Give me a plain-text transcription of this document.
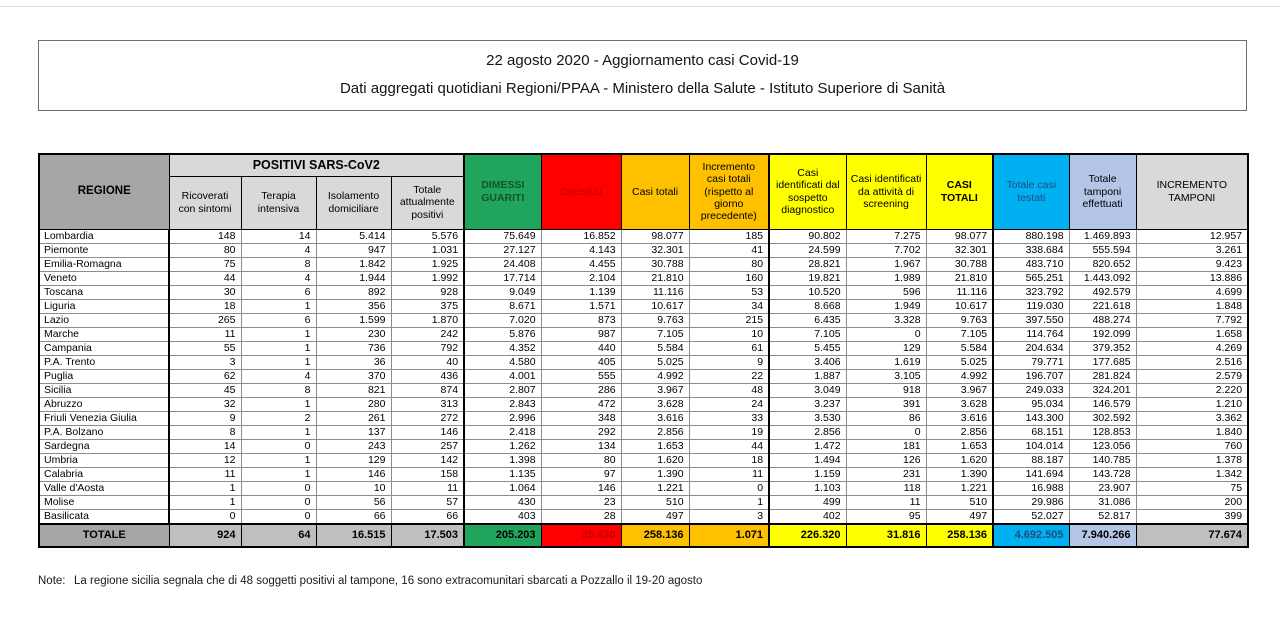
22 agosto 2020 - Aggiornamento casi Covid-19
Dati aggregati quotidiani Regioni/PPAA - Ministero della Salute - Istituto Superiore di Sanità
REGIONE	POSITIVI SARS-CoV2				DIMESSI GUARITI	Deceduti	Casi totali	Incremento casi totali (rispetto al giorno precedente)	Casi identificati dal sospetto diagnostico	Casi identificati da attività di screening	CASI TOTALI	Totale casi testati	Totale tamponi effettuati	INCREMENTO TAMPONI
	Ricoverati con sintomi	Terapia intensiva	Isolamento domiciliare	Totale attualmente positivi										
Lombardia	148	14	5.414	5.576	75.649	16.852	98.077	185	90.802	7.275	98.077	880.198	1.469.893	12.957
Piemonte	80	4	947	1.031	27.127	4.143	32.301	41	24.599	7.702	32.301	338.684	555.594	3.261
Emilia-Romagna	75	8	1.842	1.925	24.408	4.455	30.788	80	28.821	1.967	30.788	483.710	820.652	9.423
Veneto	44	4	1.944	1.992	17.714	2.104	21.810	160	19.821	1.989	21.810	565.251	1.443.092	13.886
Toscana	30	6	892	928	9.049	1.139	11.116	53	10.520	596	11.116	323.792	492.579	4.699
Liguria	18	1	356	375	8.671	1.571	10.617	34	8.668	1.949	10.617	119.030	221.618	1.848
Lazio	265	6	1.599	1.870	7.020	873	9.763	215	6.435	3.328	9.763	397.550	488.274	7.792
Marche	11	1	230	242	5.876	987	7.105	10	7.105	0	7.105	114.764	192.099	1.658
Campania	55	1	736	792	4.352	440	5.584	61	5.455	129	5.584	204.634	379.352	4.269
P.A. Trento	3	1	36	40	4.580	405	5.025	9	3.406	1.619	5.025	79.771	177.685	2.516
Puglia	62	4	370	436	4.001	555	4.992	22	1.887	3.105	4.992	196.707	281.824	2.579
Sicilia	45	8	821	874	2.807	286	3.967	48	3.049	918	3.967	249.033	324.201	2.220
Abruzzo	32	1	280	313	2.843	472	3.628	24	3.237	391	3.628	95.034	146.579	1.210
Friuli Venezia Giulia	9	2	261	272	2.996	348	3.616	33	3.530	86	3.616	143.300	302.592	3.362
P.A. Bolzano	8	1	137	146	2.418	292	2.856	19	2.856	0	2.856	68.151	128.853	1.840
Sardegna	14	0	243	257	1.262	134	1.653	44	1.472	181	1.653	104.014	123.056	760
Umbria	12	1	129	142	1.398	80	1.620	18	1.494	126	1.620	88.187	140.785	1.378
Calabria	11	1	146	158	1.135	97	1.390	11	1.159	231	1.390	141.694	143.728	1.342
Valle d'Aosta	1	0	10	11	1.064	146	1.221	0	1.103	118	1.221	16.988	23.907	75
Molise	1	0	56	57	430	23	510	1	499	11	510	29.986	31.086	200
Basilicata	0	0	66	66	403	28	497	3	402	95	497	52.027	52.817	399
TOTALE	924	64	16.515	17.503	205.203	35.430	258.136	1.071	226.320	31.816	258.136	4.692.505	7.940.266	77.674
Note: La regione sicilia segnala che di 48 soggetti positivi al tampone, 16 sono extracomunitari sbarcati a Pozzallo il 19-20 agosto
